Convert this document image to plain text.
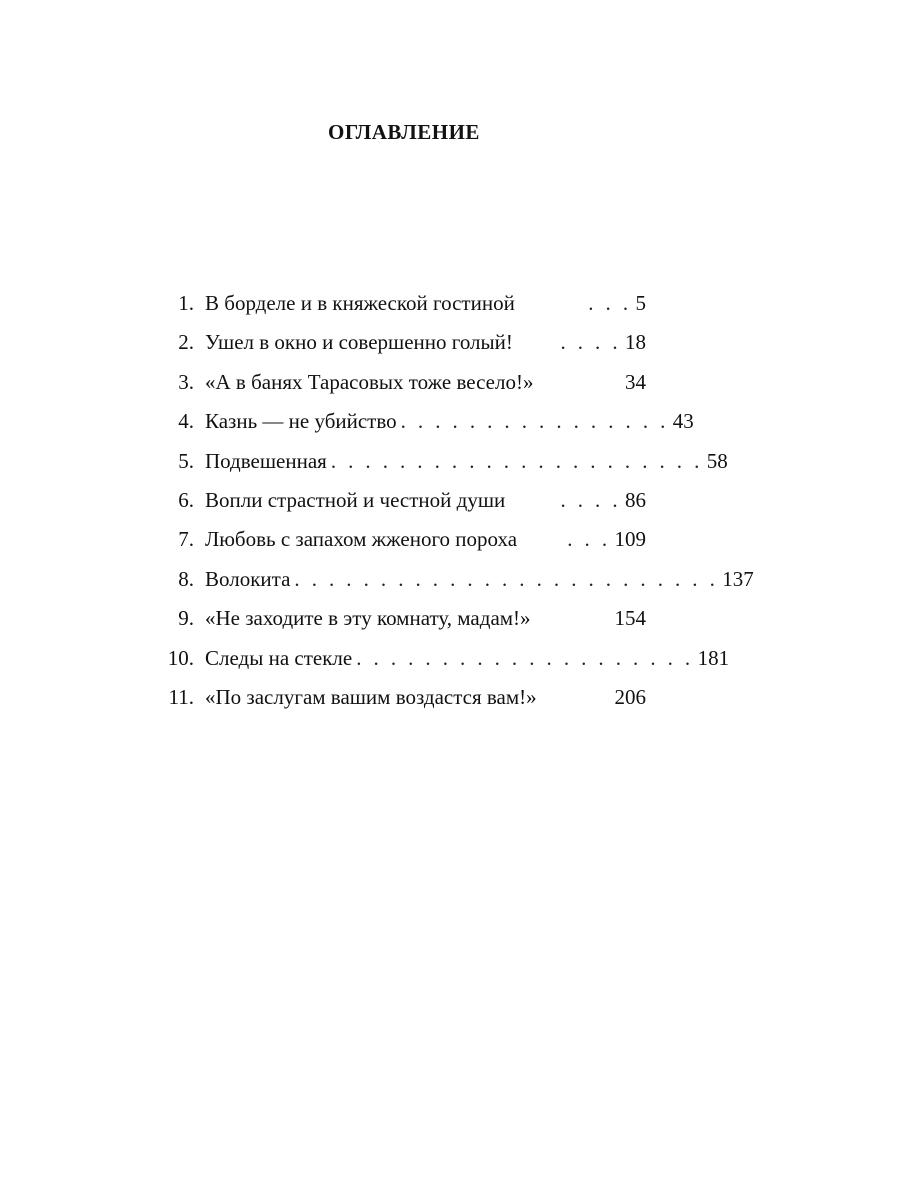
ОГЛАВЛЕНИЕ
1. В борделе и в княжеской гостиной	. . . 5
2. Ушел в окно и совершенно голый!	. . . . 18
3. «А в банях Тарасовых тоже весело!»	34
4. Казнь — не убийство . . . . . . . . . . . . . . . . 43
5. Подвешенная . . . . . . . . . . . . . . . . . . . . . . 58
6. Вопли страстной и честной души	. . . . 86
7. Любовь с запахом жженого пороха	. . . 109
8. Волокита . . . . . . . . . . . . . . . . . . . . . . . . . 137
9. «Не заходите в эту комнату, мадам!»	154
10. Следы на стекле . . . . . . . . . . . . . . . . . . . . 181
11. «По заслугам вашим воздастся вам!»	206
